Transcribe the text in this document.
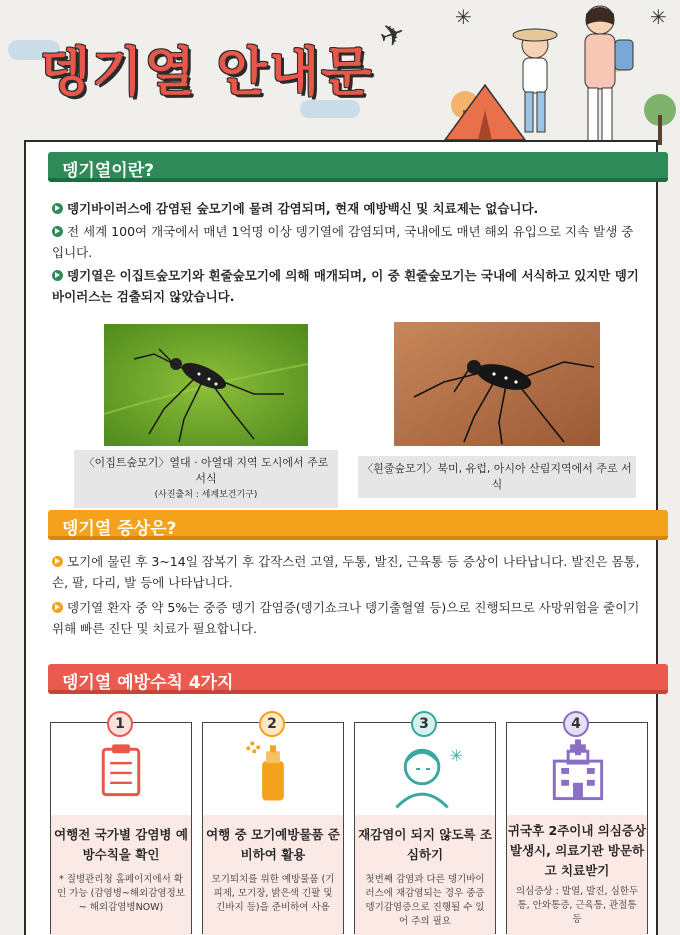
뎅기열 안내문
✈ ✳	✳
뎅기열이란?
뎅기바이러스에 감염된 숲모기에 물려 감염되며, 현재 예방백신 및 치료제는 없습니다.
전 세계 100여 개국에서 매년 1억명 이상 뎅기열에 감염되며, 국내에도 매년 해외 유입으로 지속 발생 중입니다.
뎅기열은 이집트숲모기와 흰줄숲모기에 의해 매개되며, 이 중 흰줄숲모기는 국내에 서식하고 있지만 뎅기바이러스는 검출되지 않았습니다.
〈이집트숲모기〉열대 · 아열대 지역 도시에서 주로 서식
(사진출처 : 세계보건기구)
〈흰줄숲모기〉북미, 유럽, 아시아 산림지역에서 주로 서식
뎅기열 증상은?
모기에 물린 후 3~14일 잠복기 후 갑작스런 고열, 두통, 발진, 근육통 등 증상이 나타납니다. 발진은 몸통, 손, 팔, 다리, 발 등에 나타납니다.
뎅기열 환자 중 약 5%는 중증 뎅기 감염증(뎅기쇼크나 뎅기출혈열 등)으로 진행되므로 사망위험을 줄이기 위해 빠른 진단 및 치료가 필요합니다.
뎅기열 예방수칙 4가지
1
여행전 국가별 감염병 예방수칙을 확인
* 질병관리청 홈페이지에서 확인 가능 (감염병~해외감염정보~ 해외감염병NOW)
2
여행 중 모기예방물품 준비하여 활용
모기퇴치를 위한 예방물품 (기피제, 모기장, 밝은색 긴팔 및 긴바지 등)을 준비하여 사용
3
✳
재감염이 되지 않도록 조심하기
첫번째 감염과 다른 뎅기바이러스에 재감염되는 경우 중증뎅기감염증으로 진행될 수 있어 주의 필요
4
귀국후 2주이내 의심증상 발생시, 의료기관 방문하고 치료받기
의심증상 : 발열, 발진, 심한두통, 안와통증, 근육통, 관절통 등
